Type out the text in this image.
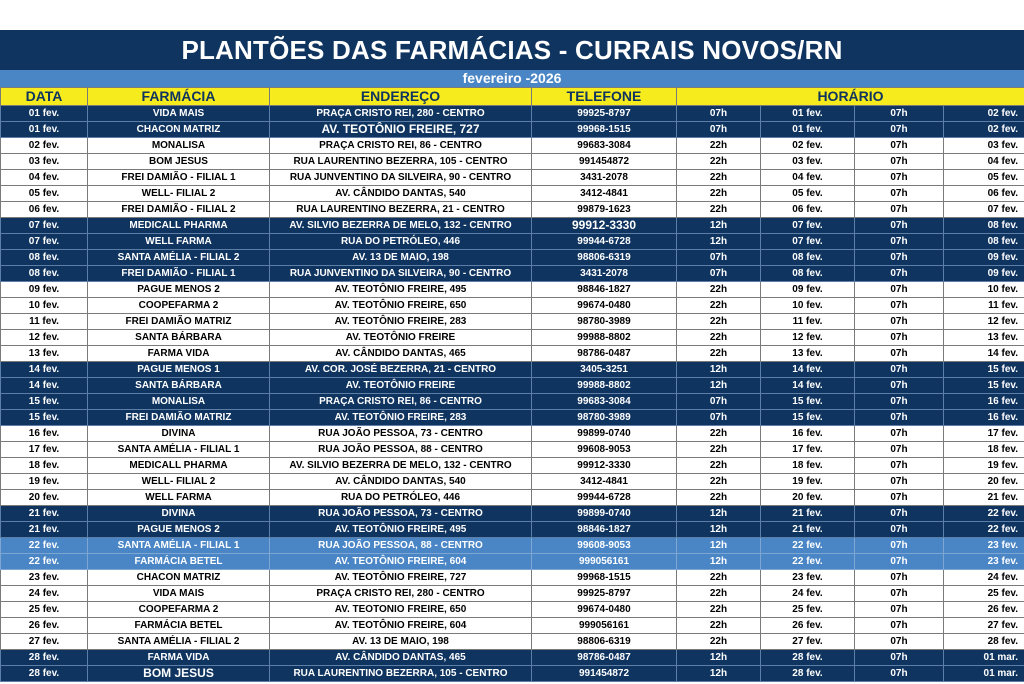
PLANTÕES DAS FARMÁCIAS - CURRAIS NOVOS/RN
fevereiro -2026
DATA	FARMÁCIA	ENDEREÇO	TELEFONE	HORÁRIO			
01 fev.	VIDA MAIS	PRAÇA CRISTO REI, 280 - CENTRO	99925-8797	07h	01 fev.	07h	02 fev.
01 fev.	CHACON MATRIZ	AV. TEOTÔNIO FREIRE, 727	99968-1515	07h	01 fev.	07h	02 fev.
02 fev.	MONALISA	PRAÇA CRISTO REI, 86 - CENTRO	99683-3084	22h	02 fev.	07h	03 fev.
03 fev.	BOM JESUS	RUA LAURENTINO BEZERRA, 105 - CENTRO	991454872	22h	03 fev.	07h	04 fev.
04 fev.	FREI DAMIÃO - FILIAL 1	RUA JUNVENTINO DA SILVEIRA, 90 - CENTRO	3431-2078	22h	04 fev.	07h	05 fev.
05 fev.	WELL- FILIAL 2	AV. CÂNDIDO DANTAS, 540	3412-4841	22h	05 fev.	07h	06 fev.
06 fev.	FREI DAMIÃO - FILIAL 2	RUA LAURENTINO BEZERRA, 21 - CENTRO	99879-1623	22h	06 fev.	07h	07 fev.
07 fev.	MEDICALL PHARMA	AV. SILVIO BEZERRA DE MELO, 132 - CENTRO	99912-3330	12h	07 fev.	07h	08 fev.
07 fev.	WELL FARMA	RUA DO PETRÓLEO, 446	99944-6728	12h	07 fev.	07h	08 fev.
08 fev.	SANTA AMÉLIA - FILIAL 2	AV. 13 DE MAIO, 198	98806-6319	07h	08 fev.	07h	09 fev.
08 fev.	FREI DAMIÃO - FILIAL 1	RUA JUNVENTINO DA SILVEIRA, 90 - CENTRO	3431-2078	07h	08 fev.	07h	09 fev.
09 fev.	PAGUE MENOS 2	AV. TEOTÔNIO FREIRE, 495	98846-1827	22h	09 fev.	07h	10 fev.
10 fev.	COOPEFARMA 2	AV. TEOTÔNIO FREIRE, 650	99674-0480	22h	10 fev.	07h	11 fev.
11 fev.	FREI DAMIÃO MATRIZ	AV. TEOTÔNIO FREIRE, 283	98780-3989	22h	11 fev.	07h	12 fev.
12 fev.	SANTA BÁRBARA	AV. TEOTÔNIO FREIRE	99988-8802	22h	12 fev.	07h	13 fev.
13 fev.	FARMA VIDA	AV. CÂNDIDO DANTAS, 465	98786-0487	22h	13 fev.	07h	14 fev.
14 fev.	PAGUE MENOS 1	AV. COR. JOSÉ BEZERRA, 21 - CENTRO	3405-3251	12h	14 fev.	07h	15 fev.
14 fev.	SANTA BÁRBARA	AV. TEOTÔNIO FREIRE	99988-8802	12h	14 fev.	07h	15 fev.
15 fev.	MONALISA	PRAÇA CRISTO REI, 86 - CENTRO	99683-3084	07h	15 fev.	07h	16 fev.
15 fev.	FREI DAMIÃO MATRIZ	AV. TEOTÔNIO FREIRE, 283	98780-3989	07h	15 fev.	07h	16 fev.
16 fev.	DIVINA	RUA JOÃO PESSOA, 73 - CENTRO	99899-0740	22h	16 fev.	07h	17 fev.
17 fev.	SANTA AMÉLIA - FILIAL 1	RUA JOÃO PESSOA, 88 - CENTRO	99608-9053	22h	17 fev.	07h	18 fev.
18 fev.	MEDICALL PHARMA	AV. SILVIO BEZERRA DE MELO, 132 - CENTRO	99912-3330	22h	18 fev.	07h	19 fev.
19 fev.	WELL- FILIAL 2	AV. CÂNDIDO DANTAS, 540	3412-4841	22h	19 fev.	07h	20 fev.
20 fev.	WELL FARMA	RUA DO PETRÓLEO, 446	99944-6728	22h	20 fev.	07h	21 fev.
21 fev.	DIVINA	RUA JOÃO PESSOA, 73 - CENTRO	99899-0740	12h	21 fev.	07h	22 fev.
21 fev.	PAGUE MENOS 2	AV. TEOTÔNIO FREIRE, 495	98846-1827	12h	21 fev.	07h	22 fev.
22 fev.	SANTA AMÉLIA - FILIAL 1	RUA JOÃO PESSOA, 88 - CENTRO	99608-9053	12h	22 fev.	07h	23 fev.
22 fev.	FARMÁCIA BETEL	AV. TEOTÔNIO FREIRE, 604	999056161	12h	22 fev.	07h	23 fev.
23 fev.	CHACON MATRIZ	AV. TEOTÔNIO FREIRE, 727	99968-1515	22h	23 fev.	07h	24 fev.
24 fev.	VIDA MAIS	PRAÇA CRISTO REI, 280 - CENTRO	99925-8797	22h	24 fev.	07h	25 fev.
25 fev.	COOPEFARMA 2	AV. TEOTONIO FREIRE, 650	99674-0480	22h	25 fev.	07h	26 fev.
26 fev.	FARMÁCIA BETEL	AV. TEOTÔNIO FREIRE, 604	999056161	22h	26 fev.	07h	27 fev.
27 fev.	SANTA AMÉLIA - FILIAL 2	AV. 13 DE MAIO, 198	98806-6319	22h	27 fev.	07h	28 fev.
28 fev.	FARMA VIDA	AV. CÂNDIDO DANTAS, 465	98786-0487	12h	28 fev.	07h	01 mar.
28 fev.	BOM JESUS	RUA LAURENTINO BEZERRA, 105 - CENTRO	991454872	12h	28 fev.	07h	01 mar.
